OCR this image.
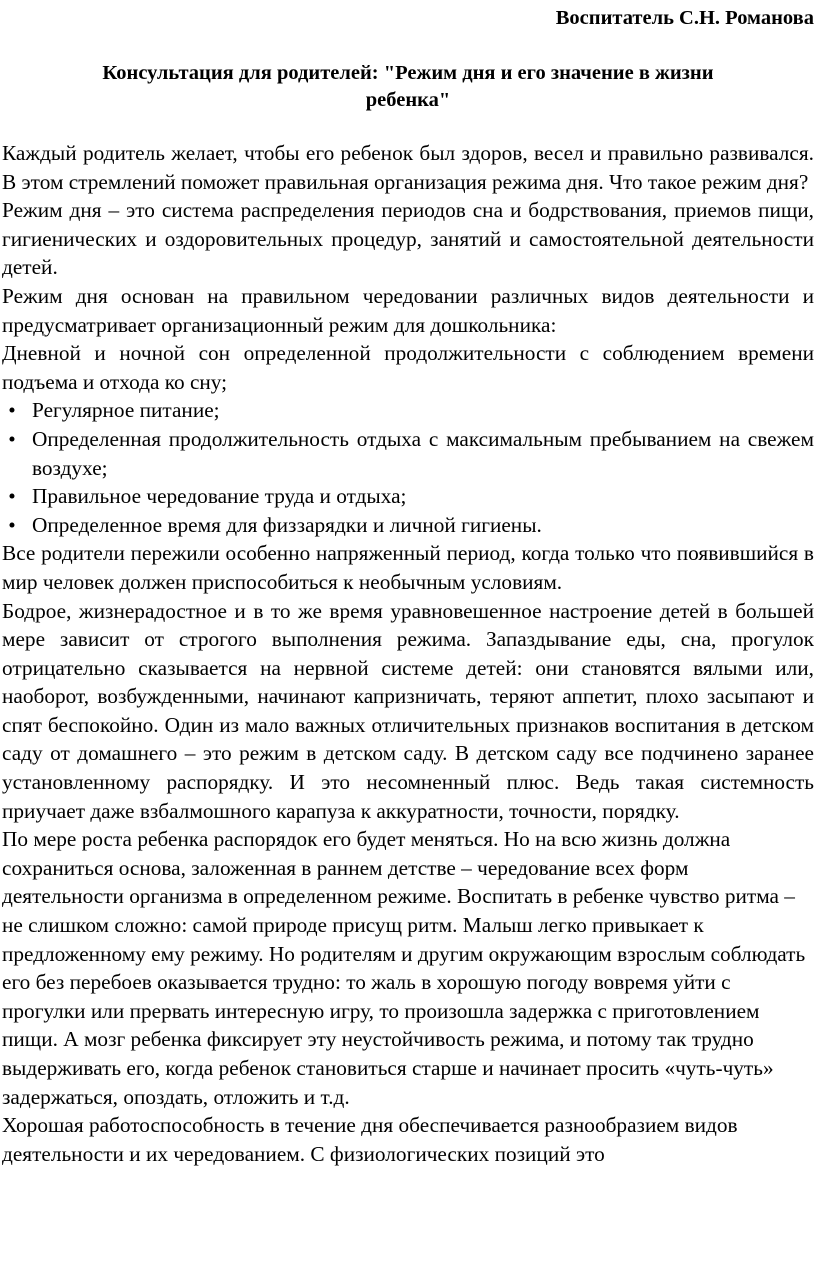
Воспитатель С.Н. Романова
Консультация для родителей: "Режим дня и его значение в жизни
ребенка"

Каждый родитель желает, чтобы его ребенок был здоров, весел и правильно развивался. В этом стремлений поможет правильная организация режима дня. Что такое режим дня?

Режим дня – это система распределения периодов сна и бодрствования, приемов пищи, гигиенических и оздоровительных процедур, занятий и самостоятельной деятельности детей.

Режим дня основан на правильном чередовании различных видов деятельности и предусматривает организационный режим для дошкольника:

Дневной и ночной сон определенной продолжительности с соблюдением времени подъема и отхода ко сну;

• Регулярное питание;
• Определенная продолжительность отдыха с максимальным пребыванием на свежем воздухе;
• Правильное чередование труда и отдыха;
• Определенное время для физзарядки и личной гигиены.

Все родители пережили особенно напряженный период, когда только что появившийся в мир человек должен приспособиться к необычным условиям.

Бодрое, жизнерадостное и в то же время уравновешенное настроение детей в большей мере зависит от строгого выполнения режима. Запаздывание еды, сна, прогулок отрицательно сказывается на нервной системе детей: они становятся вялыми или, наоборот, возбужденными, начинают капризничать, теряют аппетит, плохо засыпают и спят беспокойно. Один из мало важных отличительных признаков воспитания в детском саду от домашнего – это режим в детском саду. В детском саду все подчинено заранее установленному распорядку. И это несомненный плюс. Ведь такая системность приучает даже взбалмошного карапуза к аккуратности, точности, порядку.

По мере роста ребенка распорядок его будет меняться. Но на всю жизнь должна сохраниться основа, заложенная в раннем детстве – чередование всех форм деятельности организма в определенном режиме. Воспитать в ребенке чувство ритма – не слишком сложно: самой природе присущ ритм. Малыш легко привыкает к предложенному ему режиму. Но родителям и другим окружающим взрослым соблюдать его без перебоев оказывается трудно: то жаль в хорошую погоду вовремя уйти с прогулки или прервать интересную игру, то произошла задержка с приготовлением пищи. А мозг ребенка фиксирует эту неустойчивость режима, и потому так трудно выдерживать его, когда ребенок становиться старше и начинает просить «чуть-чуть» задержаться, опоздать, отложить и т.д.

Хорошая работоспособность в течение дня обеспечивается разнообразием видов деятельности и их чередованием. С физиологических позиций это
